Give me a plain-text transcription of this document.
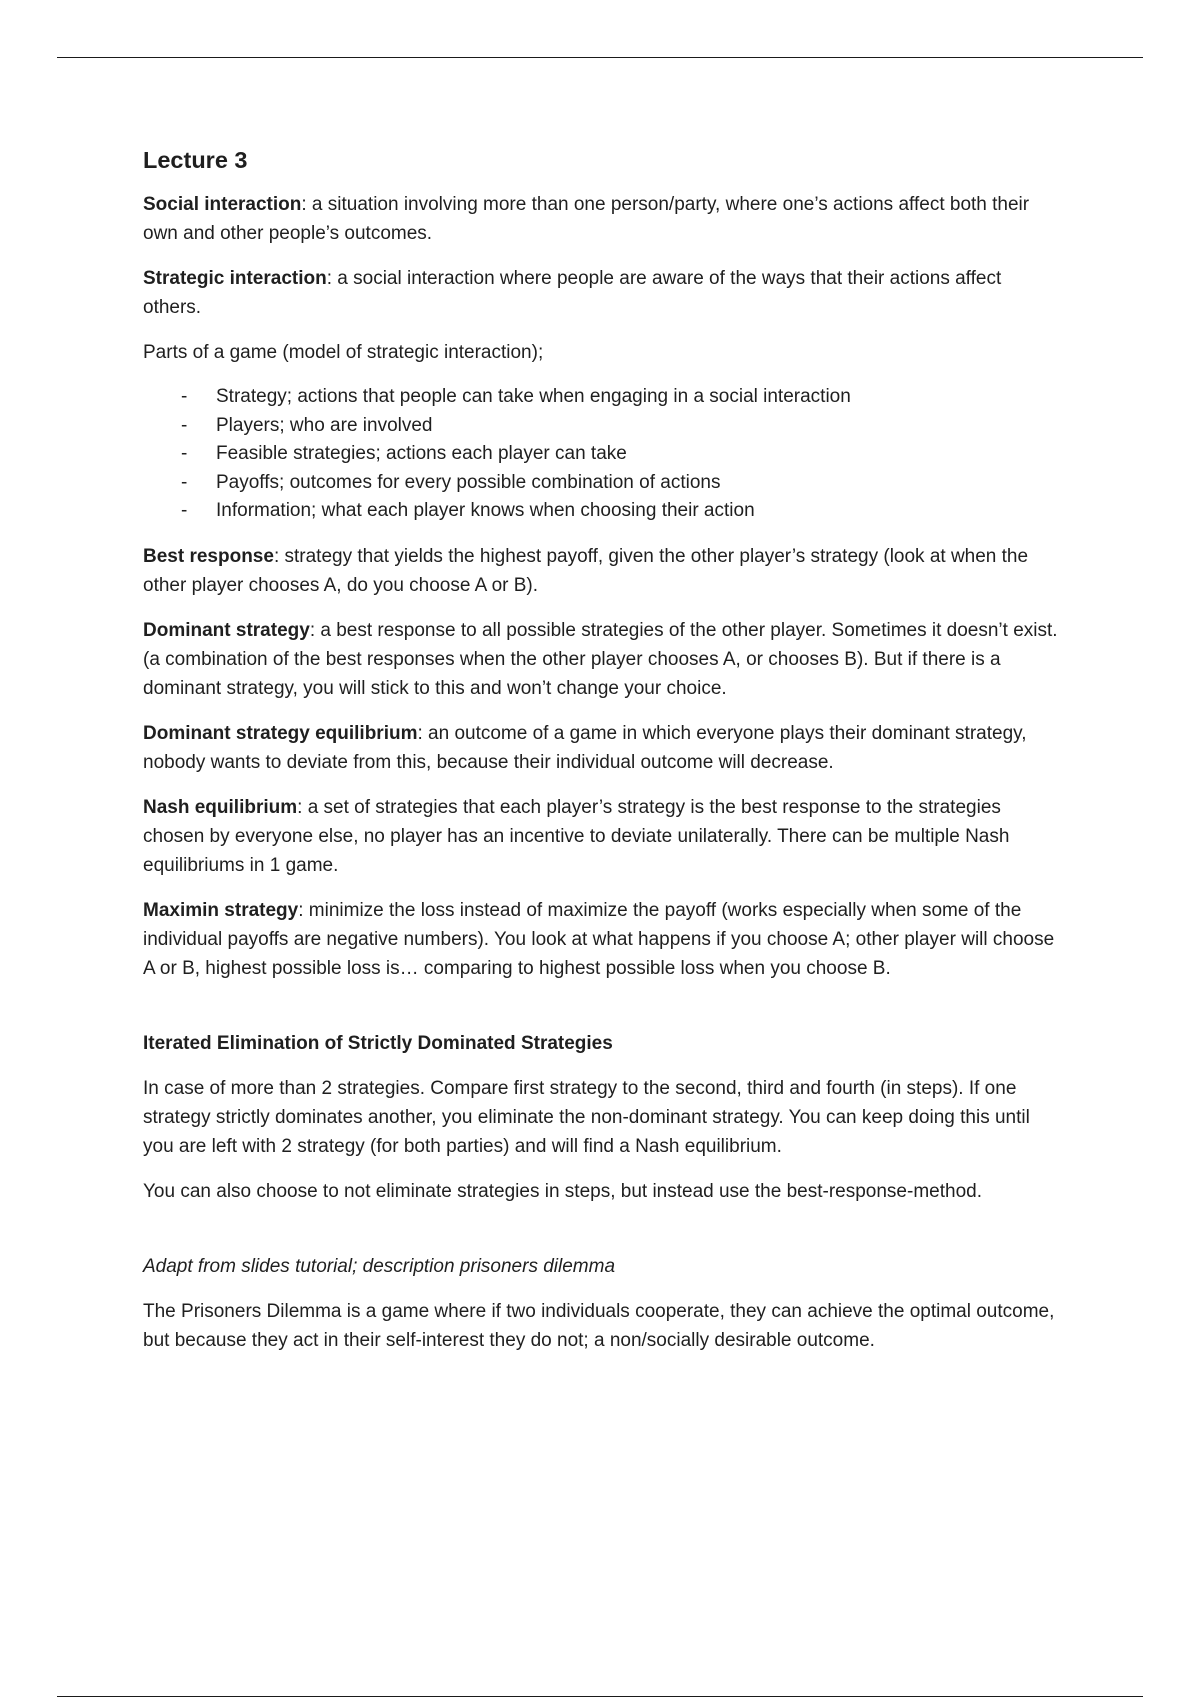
Lecture 3

Social interaction: a situation involving more than one person/party, where one’s actions affect both their own and other people’s outcomes.

Strategic interaction: a social interaction where people are aware of the ways that their actions affect others.

Parts of a game (model of strategic interaction);

- Strategy; actions that people can take when engaging in a social interaction
- Players; who are involved
- Feasible strategies; actions each player can take
- Payoffs; outcomes for every possible combination of actions
- Information; what each player knows when choosing their action

Best response: strategy that yields the highest payoff, given the other player’s strategy (look at when the other player chooses A, do you choose A or B).

Dominant strategy: a best response to all possible strategies of the other player. Sometimes it doesn’t exist. (a combination of the best responses when the other player chooses A, or chooses B). But if there is a dominant strategy, you will stick to this and won’t change your choice.

Dominant strategy equilibrium: an outcome of a game in which everyone plays their dominant strategy, nobody wants to deviate from this, because their individual outcome will decrease.

Nash equilibrium: a set of strategies that each player’s strategy is the best response to the strategies chosen by everyone else, no player has an incentive to deviate unilaterally. There can be multiple Nash equilibriums in 1 game.

Maximin strategy: minimize the loss instead of maximize the payoff (works especially when some of the individual payoffs are negative numbers). You look at what happens if you choose A; other player will choose A or B, highest possible loss is… comparing to highest possible loss when you choose B.

Iterated Elimination of Strictly Dominated Strategies

In case of more than 2 strategies. Compare first strategy to the second, third and fourth (in steps). If one strategy strictly dominates another, you eliminate the non-dominant strategy. You can keep doing this until you are left with 2 strategy (for both parties) and will find a Nash equilibrium.

You can also choose to not eliminate strategies in steps, but instead use the best-response-method.

Adapt from slides tutorial; description prisoners dilemma

The Prisoners Dilemma is a game where if two individuals cooperate, they can achieve the optimal outcome, but because they act in their self-interest they do not; a non/socially desirable outcome.
